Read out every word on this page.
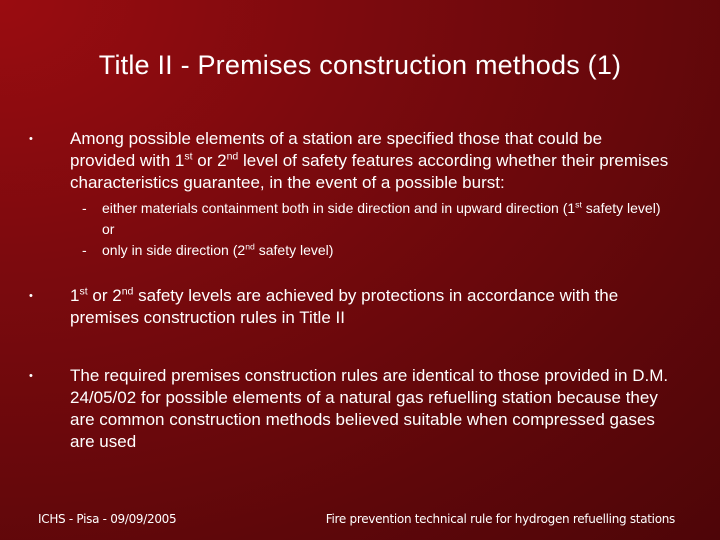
Title II - Premises construction methods (1)
• Among possible elements of a station are specified those that could be provided with 1st or 2nd level of safety features according whether their premises characteristics guarantee, in the event of a possible burst:
- either materials containment both in side direction and in upward direction (1st safety level) or
- only in side direction (2nd safety level)
• 1st or 2nd safety levels are achieved by protections in accordance with the premises construction rules in Title II
• The required premises construction rules are identical to those provided in D.M. 24/05/02 for possible elements of a natural gas refuelling station because they are common construction methods believed suitable when compressed gases are used
ICHS - Pisa - 09/09/2005	Fire prevention technical rule for hydrogen refuelling stations
